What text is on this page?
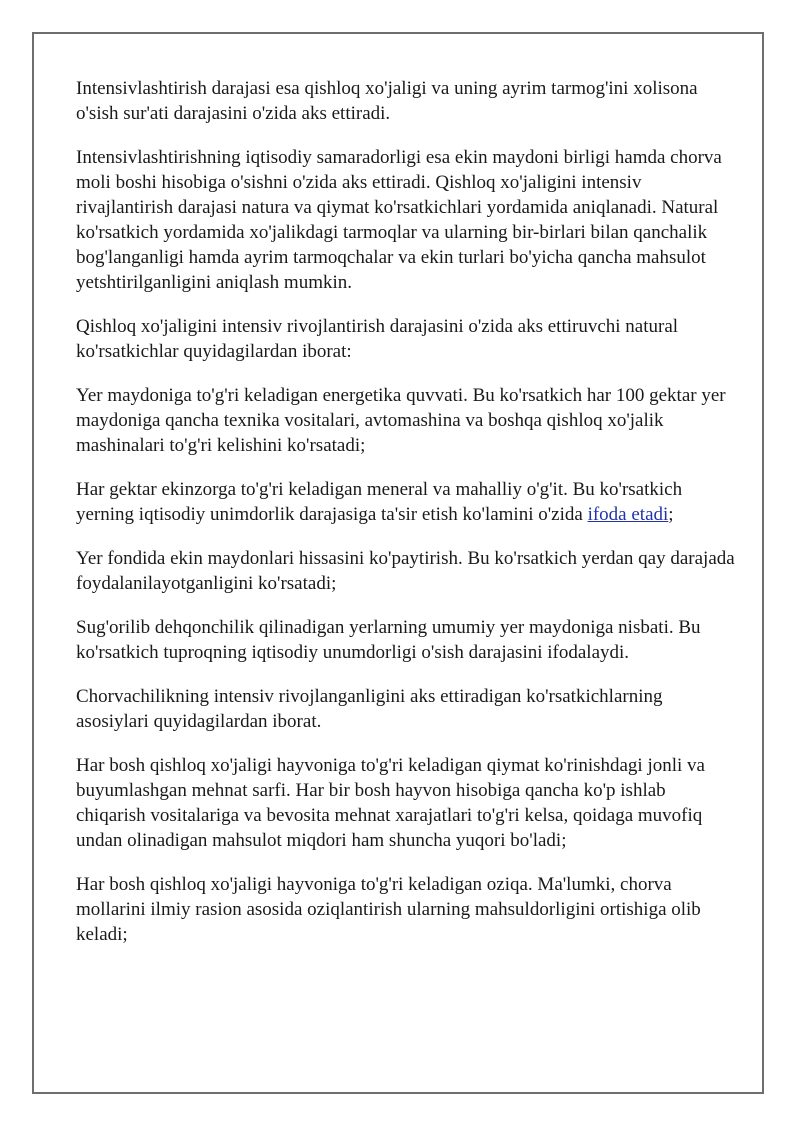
Intensivlashtirish darajasi esa qishloq xo'jaligi va uning ayrim tarmog'ini xolisona o'sish sur'ati darajasini o'zida aks ettiradi.

Intensivlashtirishning iqtisodiy samaradorligi esa ekin maydoni birligi hamda chorva moli boshi hisobiga o'sishni o'zida aks ettiradi. Qishloq xo'jaligini intensiv rivajlantirish darajasi natura va qiymat ko'rsatkichlari yordamida aniqlanadi. Natural ko'rsatkich yordamida xo'jalikdagi tarmoqlar va ularning bir-birlari bilan qanchalik bog'langanligi hamda ayrim tarmoqchalar va ekin turlari bo'yicha qancha mahsulot yetshtirilganligini aniqlash mumkin.

Qishloq xo'jaligini intensiv rivojlantirish darajasini o'zida aks ettiruvchi natural ko'rsatkichlar quyidagilardan iborat:

Yer maydoniga to'g'ri keladigan energetika quvvati. Bu ko'rsatkich har 100 gektar yer maydoniga qancha texnika vositalari, avtomashina va boshqa qishloq xo'jalik mashinalari to'g'ri kelishini ko'rsatadi;

Har gektar ekinzorga to'g'ri keladigan meneral va mahalliy o'g'it. Bu ko'rsatkich yerning iqtisodiy unimdorlik darajasiga ta'sir etish ko'lamini o'zida ifoda etadi;

Yer fondida ekin maydonlari hissasini ko'paytirish. Bu ko'rsatkich yerdan qay darajada foydalanilayotganligini ko'rsatadi;

Sug'orilib dehqonchilik qilinadigan yerlarning umumiy yer maydoniga nisbati. Bu ko'rsatkich tuproqning iqtisodiy unumdorligi o'sish darajasini ifodalaydi.

Chorvachilikning intensiv rivojlanganligini aks ettiradigan ko'rsatkichlarning asosiylari quyidagilardan iborat.

Har bosh qishloq xo'jaligi hayvoniga to'g'ri keladigan qiymat ko'rinishdagi jonli va buyumlashgan mehnat sarfi. Har bir bosh hayvon hisobiga qancha ko'p ishlab chiqarish vositalariga va bevosita mehnat xarajatlari to'g'ri kelsa, qoidaga muvofiq undan olinadigan mahsulot miqdori ham shuncha yuqori bo'ladi;

Har bosh qishloq xo'jaligi hayvoniga to'g'ri keladigan oziqa. Ma'lumki, chorva mollarini ilmiy rasion asosida oziqlantirish ularning mahsuldorligini ortishiga olib keladi;
